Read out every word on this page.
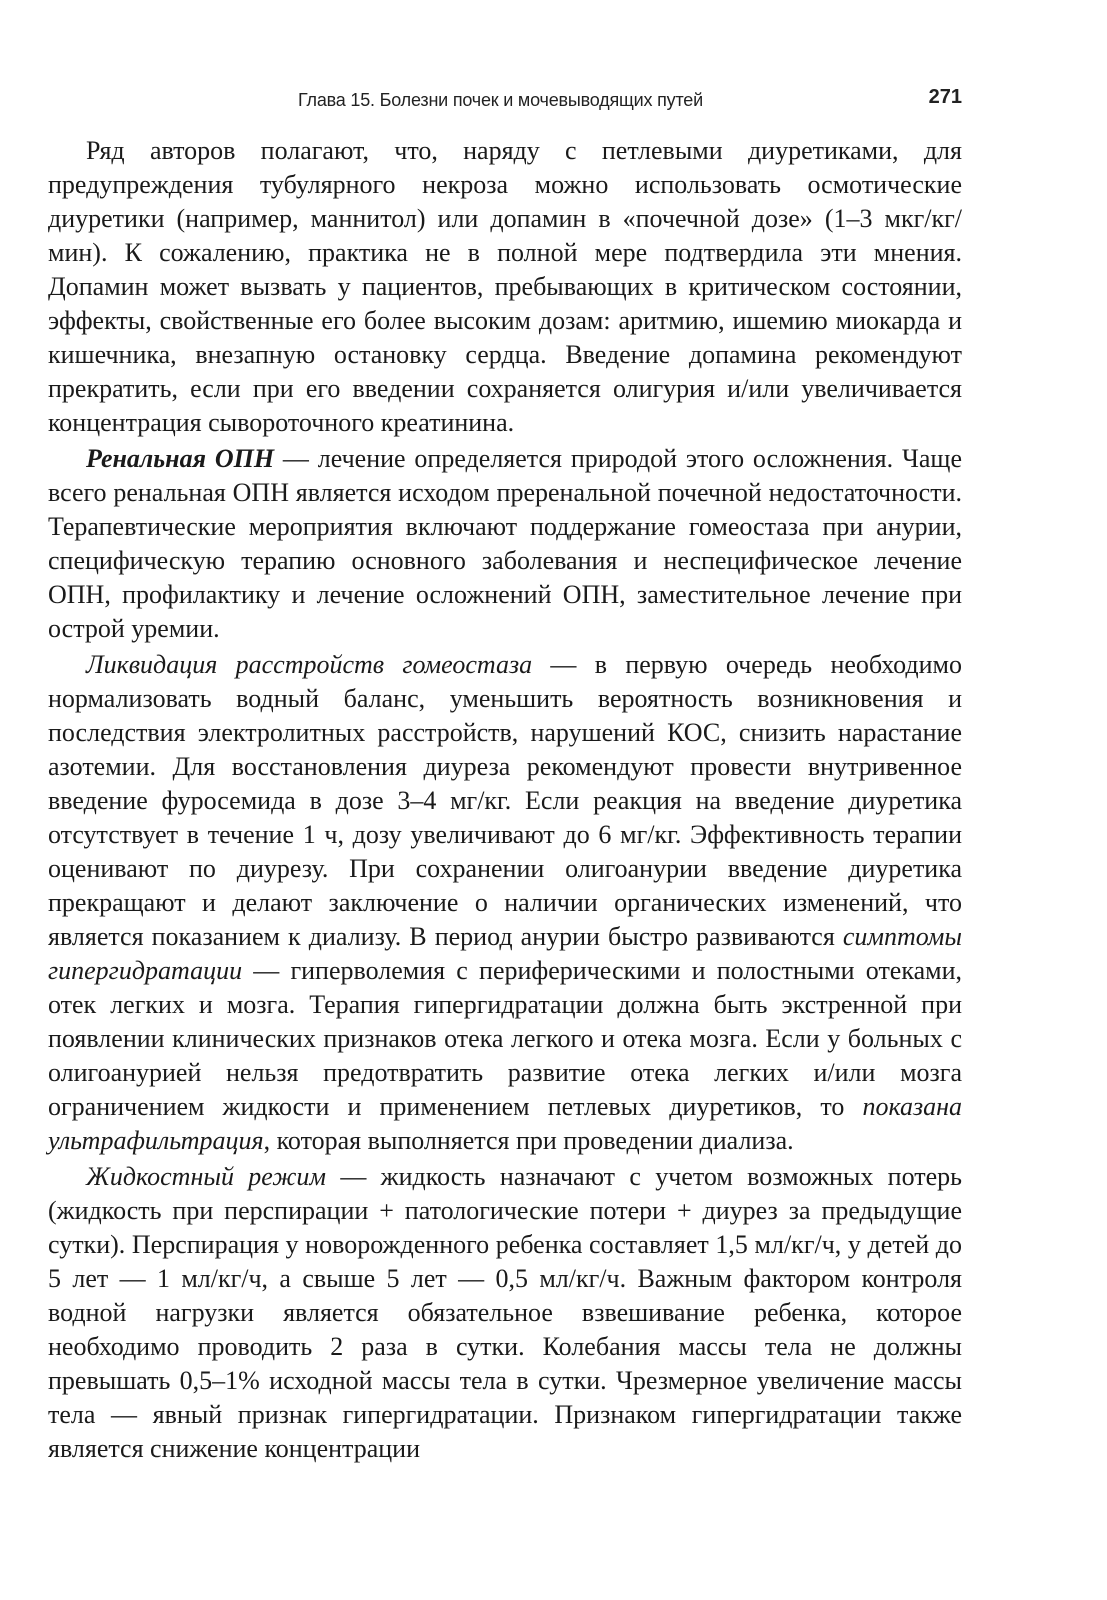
Глава 15. Болезни почек и мочевыводящих путей	271

Ряд авторов полагают, что, наряду с петлевыми диуретиками, для предупреждения тубулярного некроза можно использовать осмотические диуретики (например, маннитол) или допамин в «почечной дозе» (1–3 мкг/кг/мин). К сожалению, практика не в полной мере подтвердила эти мнения. Допамин может вызвать у пациентов, пребывающих в критическом состоянии, эффекты, свойственные его более высоким дозам: аритмию, ишемию миокарда и кишечника, внезапную остановку сердца. Введение допамина рекомендуют прекратить, если при его введении сохраняется олигурия и/или увеличивается концентрация сывороточного креатинина.

Ренальная ОПН — лечение определяется природой этого осложнения. Чаще всего ренальная ОПН является исходом преренальной почечной недостаточности. Терапевтические мероприятия включают поддержание гомеостаза при анурии, специфическую терапию основного заболевания и неспецифическое лечение ОПН, профилактику и лечение осложнений ОПН, заместительное лечение при острой уремии.

Ликвидация расстройств гомеостаза — в первую очередь необходимо нормализовать водный баланс, уменьшить вероятность возникновения и последствия электролитных расстройств, нарушений КОС, снизить нарастание азотемии. Для восстановления диуреза рекомендуют провести внутривенное введение фуросемида в дозе 3–4 мг/кг. Если реакция на введение диуретика отсутствует в течение 1 ч, дозу увеличивают до 6 мг/кг. Эффективность терапии оценивают по диурезу. При сохранении олигоанурии введение диуретика прекращают и делают заключение о наличии органических изменений, что является показанием к диализу. В период анурии быстро развиваются симптомы гипергидратации — гиперволемия с периферическими и полостными отеками, отек легких и мозга. Терапия гипергидратации должна быть экстренной при появлении клинических признаков отека легкого и отека мозга. Если у больных с олигоанурией нельзя предотвратить развитие отека легких и/или мозга ограничением жидкости и применением петлевых диуретиков, то показана ультрафильтрация, которая выполняется при проведении диализа.

Жидкостный режим — жидкость назначают с учетом возможных потерь (жидкость при перспирации + патологические потери + диурез за предыдущие сутки). Перспирация у новорожденного ребенка составляет 1,5 мл/кг/ч, у детей до 5 лет — 1 мл/кг/ч, а свыше 5 лет — 0,5 мл/кг/ч. Важным фактором контроля водной нагрузки является обязательное взвешивание ребенка, которое необходимо проводить 2 раза в сутки. Колебания массы тела не должны превышать 0,5–1% исходной массы тела в сутки. Чрезмерное увеличение массы тела — явный признак гипергидратации. Признаком гипергидратации также является снижение концентрации
